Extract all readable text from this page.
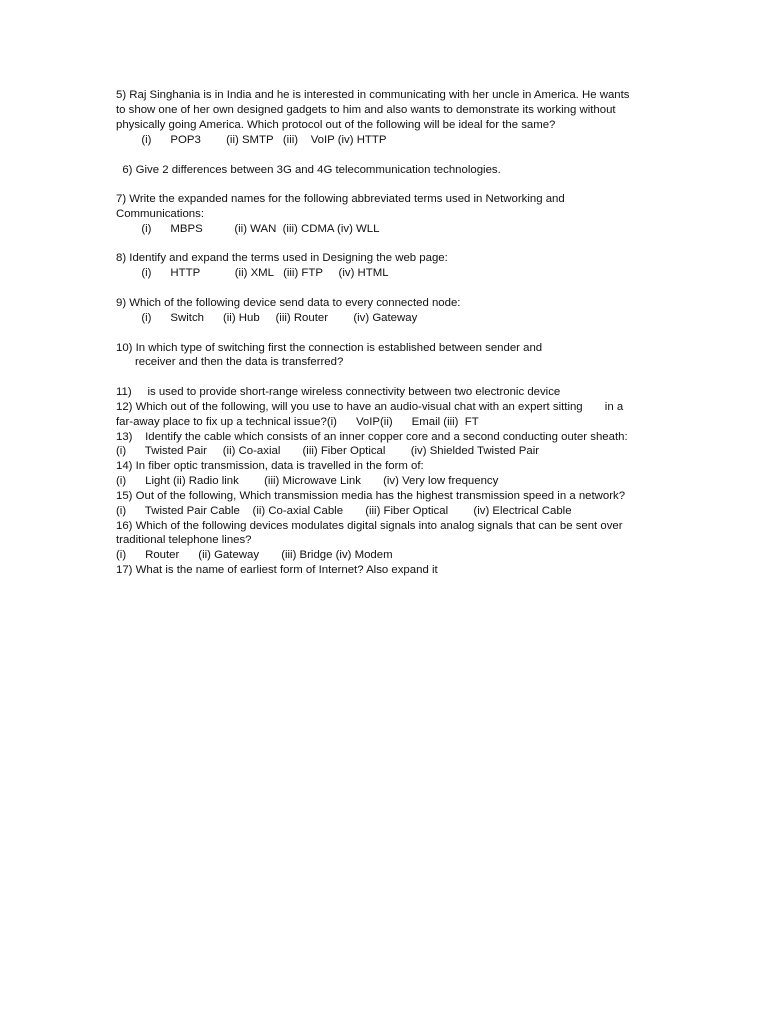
5) Raj Singhania is in India and he is interested in communicating with her uncle in America. He wants
to show one of her own designed gadgets to him and also wants to demonstrate its working without
physically going America. Which protocol out of the following will be ideal for the same?
(i)      POP3        (ii) SMTP   (iii)    VoIP (iv) HTTP
6) Give 2 differences between 3G and 4G telecommunication technologies.
7) Write the expanded names for the following abbreviated terms used in Networking and
Communications:
(i)      MBPS          (ii) WAN  (iii) CDMA (iv) WLL
8) Identify and expand the terms used in Designing the web page:
(i)      HTTP           (ii) XML   (iii) FTP     (iv) HTML
9) Which of the following device send data to every connected node:
(i)      Switch      (ii) Hub     (iii) Router        (iv) Gateway
10) In which type of switching first the connection is established between sender and
receiver and then the data is transferred?
11)     is used to provide short-range wireless connectivity between two electronic device
12) Which out of the following, will you use to have an audio-visual chat with an expert sitting       in a
far-away place to fix up a technical issue?(i)      VoIP(ii)      Email (iii)  FT
13)    Identify the cable which consists of an inner copper core and a second conducting outer sheath:
(i)      Twisted Pair     (ii) Co-axial       (iii) Fiber Optical        (iv) Shielded Twisted Pair
14) In fiber optic transmission, data is travelled in the form of:
(i)      Light (ii) Radio link        (iii) Microwave Link       (iv) Very low frequency
15) Out of the following, Which transmission media has the highest transmission speed in a network?
(i)      Twisted Pair Cable    (ii) Co-axial Cable       (iii) Fiber Optical        (iv) Electrical Cable
16) Which of the following devices modulates digital signals into analog signals that can be sent over
traditional telephone lines?
(i)      Router      (ii) Gateway       (iii) Bridge (iv) Modem
17) What is the name of earliest form of Internet? Also expand it
